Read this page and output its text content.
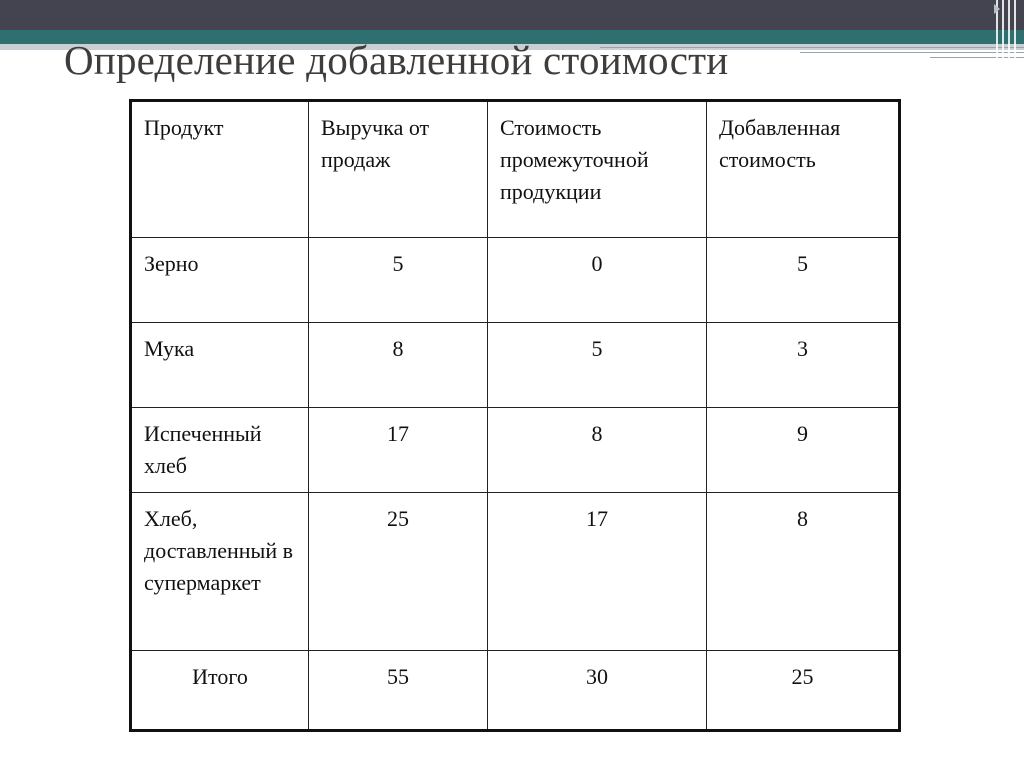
Определение добавленной стоимости
Продукт	Выручка от продаж	Стоимость промежуточной продукции	Добавленная стоимость
Зерно	5	0	5
Мука	8	5	3
Испеченный хлеб	17	8	9
Хлеб, доставленный в супермаркет	25	17	8
Итого	55	30	25
